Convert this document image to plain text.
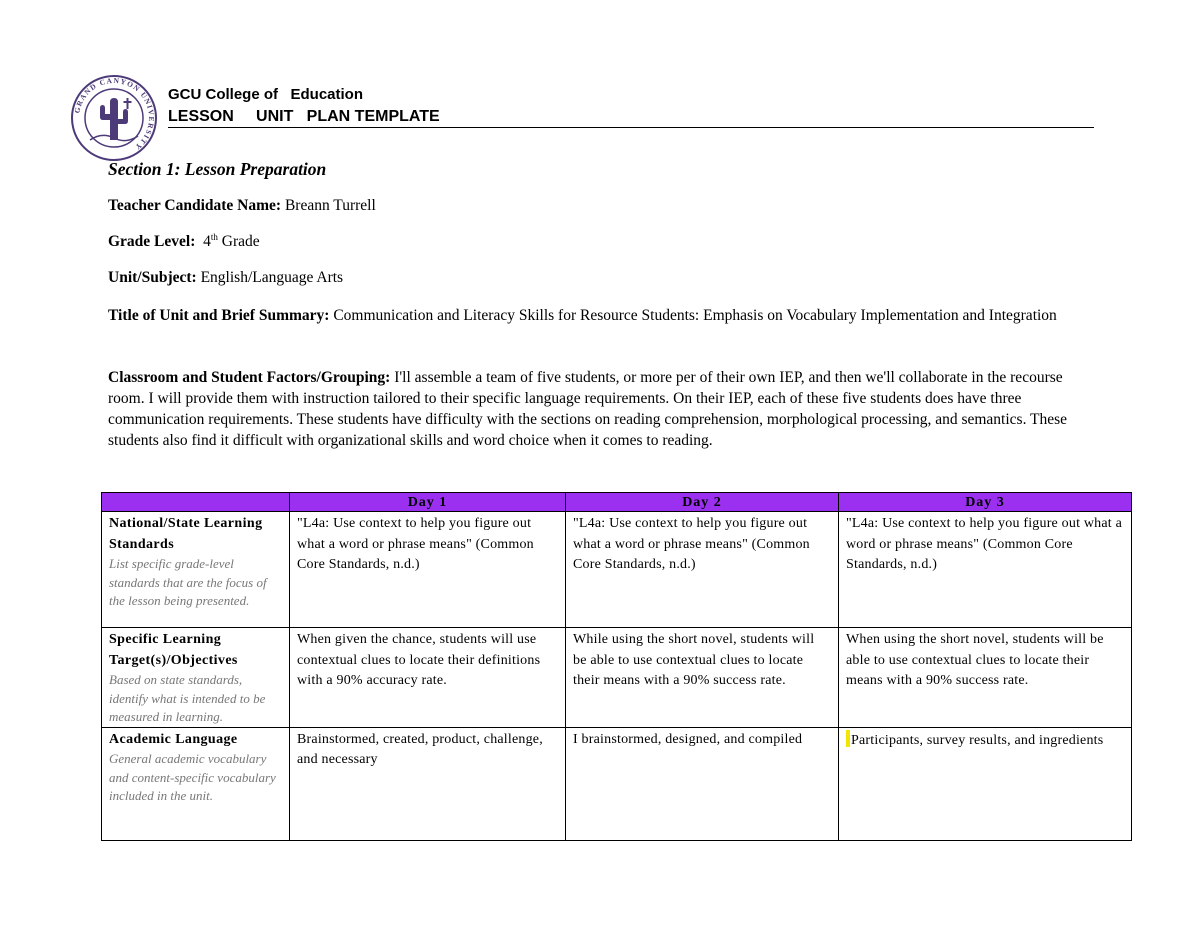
GRAND CANYON UNIVERSITY
GCU College of   Education
LESSON     UNIT   PLAN TEMPLATE
Section 1: Lesson Preparation
Teacher Candidate Name: Breann Turrell
Grade Level: 4th Grade
Unit/Subject: English/Language Arts
Title of Unit and Brief Summary: Communication and Literacy Skills for Resource Students: Emphasis on Vocabulary Implementation and Integration
Classroom and Student Factors/Grouping: I'll assemble a team of five students, or more per of their own IEP, and then we'll collaborate in the recourse room. I will provide them with instruction tailored to their specific language requirements. On their IEP, each of these five students does have three communication requirements. These students have difficulty with the sections on reading comprehension, morphological processing, and semantics. These students also find it difficult with organizational skills and word choice when it comes to reading.
	Day 1	Day 2	Day 3

National/State Learning Standards
List specific grade-level standards that are the focus of the lesson being presented.	"L4a: Use context to help you figure out what a word or phrase means" (Common Core Standards, n.d.)	"L4a: Use context to help you figure out what a word or phrase means" (Common Core Standards, n.d.)	"L4a: Use context to help you figure out what a word or phrase means" (Common Core Standards, n.d.)

Specific Learning Target(s)/Objectives
Based on state standards, identify what is intended to be measured in learning.	When given the chance, students will use contextual clues to locate their definitions with a 90% accuracy rate.	While using the short novel, students will be able to use contextual clues to locate their means with a 90% success rate.	When using the short novel, students will be able to use contextual clues to locate their means with a 90% success rate.

Academic Language
General academic vocabulary and content-specific vocabulary included in the unit.	Brainstormed, created, product, challenge, and necessary	I brainstormed, designed, and compiled	Participants, survey results, and ingredients
